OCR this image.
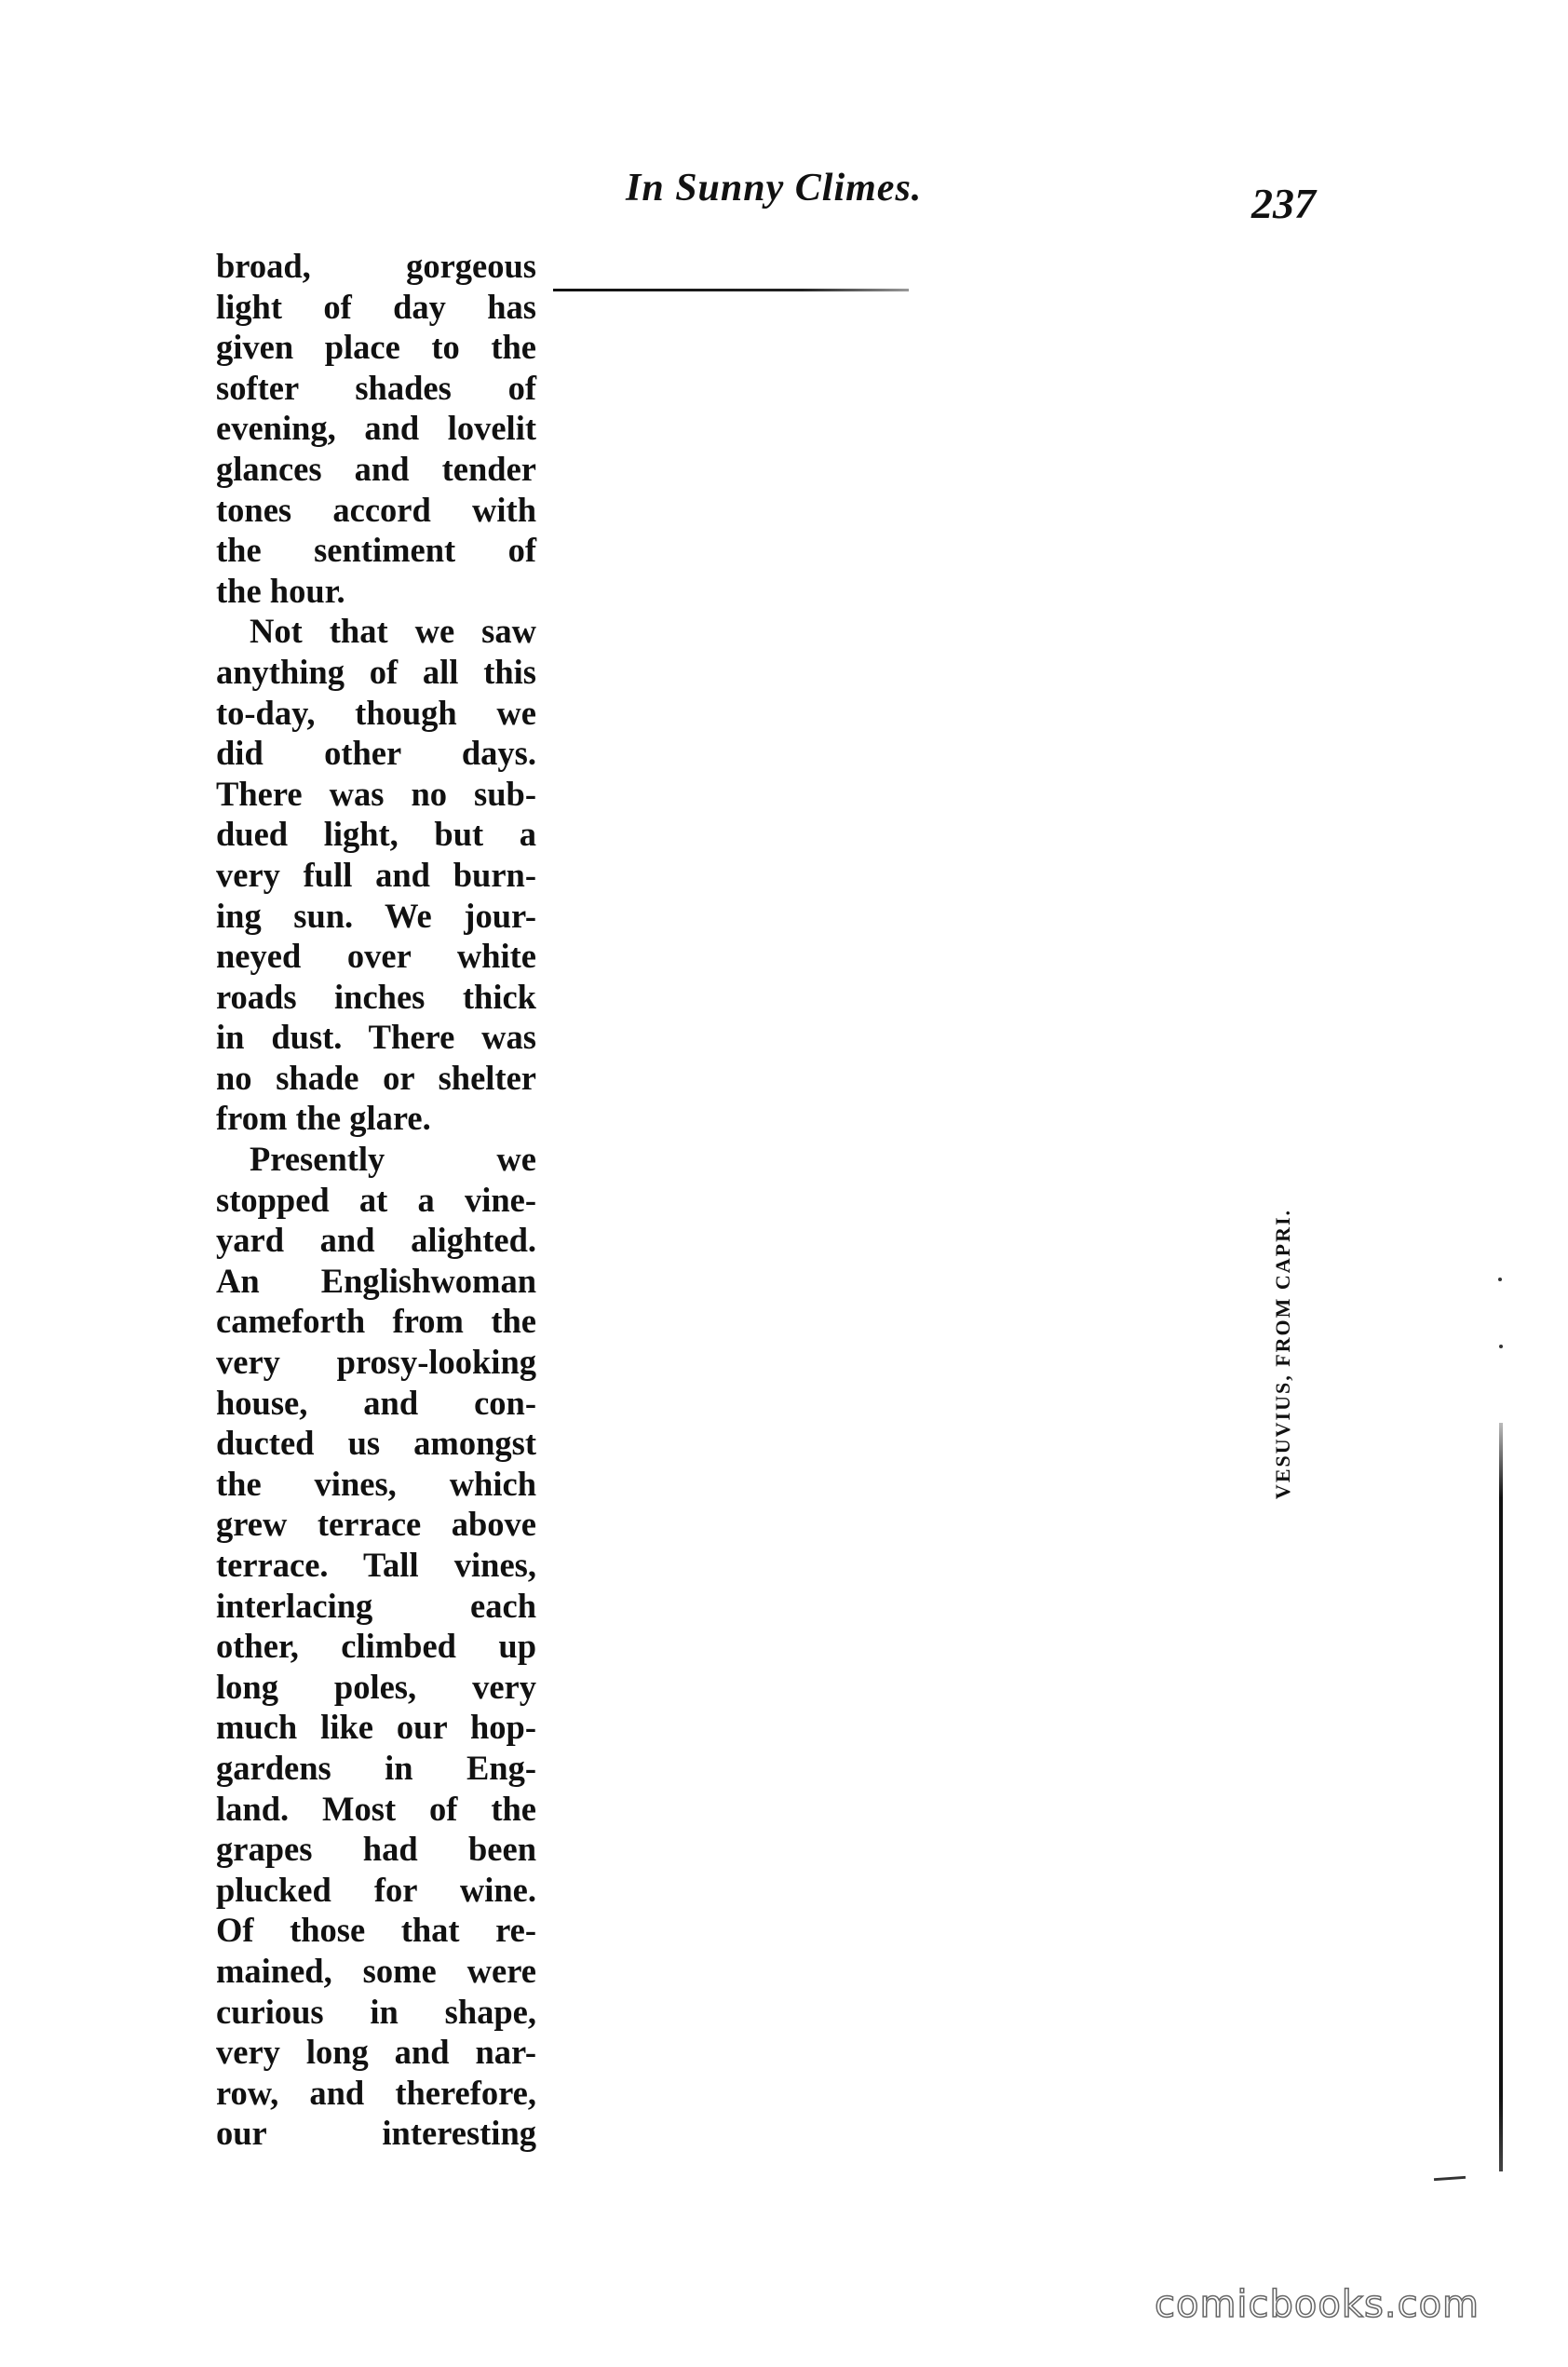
In Sunny Climes.	237
broad, gorgeous
light of day has
given place to the
softer shades of
evening, and lovelit
glances and tender
tones accord with
the sentiment of
the hour.
Not that we saw
anything of all this
to-day, though we
did other days.
There was no sub-
dued light, but a
very full and burn-
ing sun. We jour-
neyed over white
roads inches thick
in dust. There was
no shade or shelter
from the glare.
Presently we
stopped at a vine-
yard and alighted.
An Englishwoman
cameforth from the
very prosy-looking
house, and con-
ducted us amongst
the vines, which
grew terrace above
terrace. Tall vines,
interlacing each
other, climbed up
long poles, very
much like our hop-
gardens in Eng-
land. Most of the
grapes had been
plucked for wine.
Of those that re-
mained, some were
curious in shape,
very long and nar-
row, and therefore,
our interesting
VESUVIUS, FROM CAPRI.
comicbooks.com
